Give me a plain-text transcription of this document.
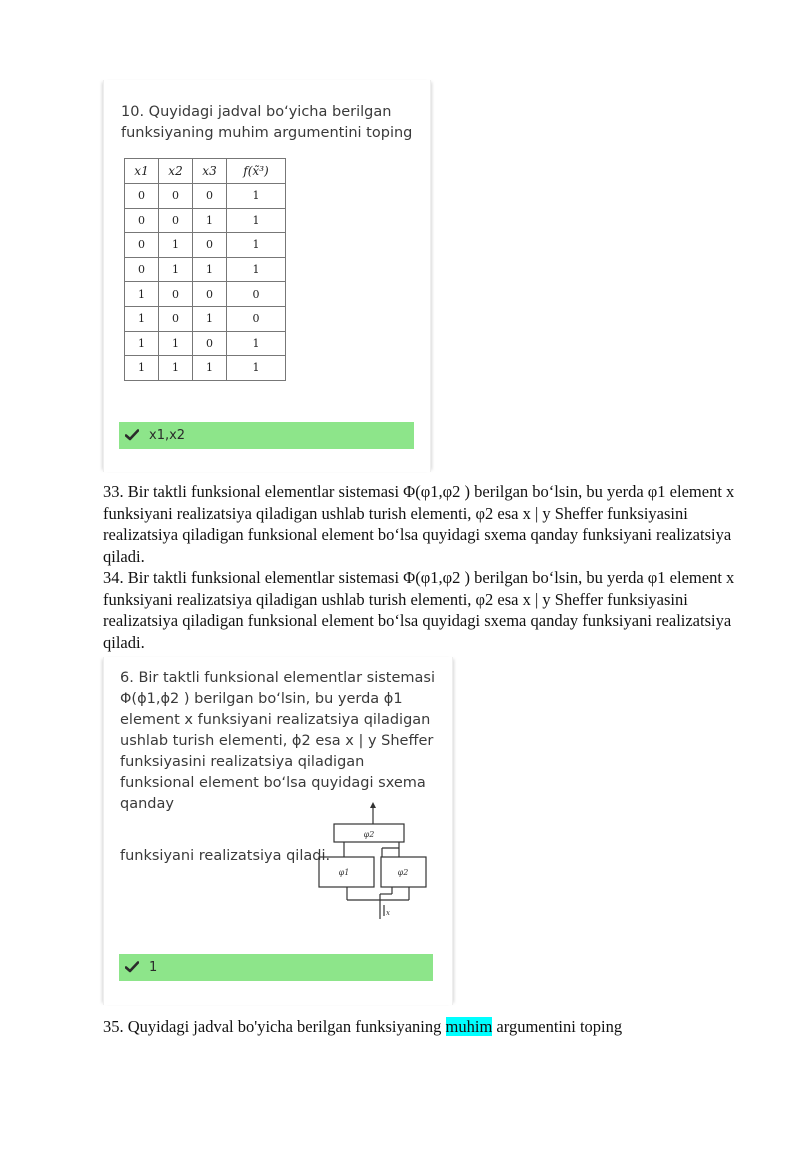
10. Quyidagi jadval bo‘yicha berilgan funksiyaning muhim argumentini toping
x1	x2	x3	f(x̃³)
0	0	0	1
0	0	1	1
0	1	0	1
0	1	1	1
1	0	0	0
1	0	1	0
1	1	0	1
1	1	1	1
x1,x2
33. Bir taktli funksional elementlar sistemasi Φ(φ1,φ2 ) berilgan bo‘lsin, bu yerda φ1 element x funksiyani realizatsiya qiladigan ushlab turish elementi, φ2 esa x | y Sheffer funksiyasini realizatsiya qiladigan funksional element bo‘lsa quyidagi sxema qanday funksiyani realizatsiya qiladi.
34. Bir taktli funksional elementlar sistemasi Φ(φ1,φ2 ) berilgan bo‘lsin, bu yerda φ1 element x funksiyani realizatsiya qiladigan ushlab turish elementi, φ2 esa x | y Sheffer funksiyasini realizatsiya qiladigan funksional element bo‘lsa quyidagi sxema qanday funksiyani realizatsiya qiladi.
6. Bir taktli funksional elementlar sistemasi Φ(ɸ1,ɸ2 ) berilgan bo‘lsin, bu yerda ɸ1 element x funksiyani realizatsiya qiladigan ushlab turish elementi, ɸ2 esa x | y Sheffer funksiyasini realizatsiya qiladigan funksional element bo‘lsa quyidagi sxema qanday
funksiyani realizatsiya qiladi.
φ2
φ1	φ2
x
1
35. Quyidagi jadval bo'yicha berilgan funksiyaning muhim argumentini toping
